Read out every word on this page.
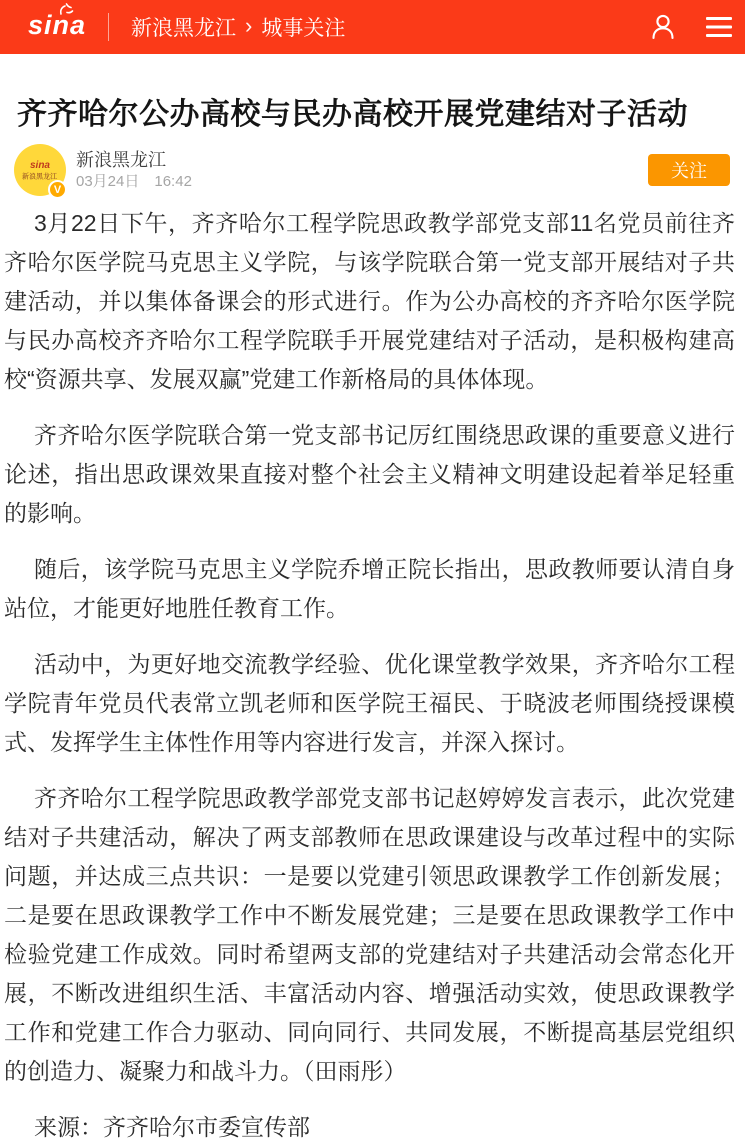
sina 新浪黑龙江 › 城事关注
齐齐哈尔公办高校与民办高校开展党建结对子活动
sina
新浪黑龙江
V
新浪黑龙江
03月24日 16:42
关注

3月22日下午，齐齐哈尔工程学院思政教学部党支部11名党员前往齐齐哈尔医学院马克思主义学院，与该学院联合第一党支部开展结对子共建活动，并以集体备课会的形式进行。作为公办高校的齐齐哈尔医学院与民办高校齐齐哈尔工程学院联手开展党建结对子活动，是积极构建高校“资源共享、发展双赢”党建工作新格局的具体体现。

齐齐哈尔医学院联合第一党支部书记厉红围绕思政课的重要意义进行论述，指出思政课效果直接对整个社会主义精神文明建设起着举足轻重的影响。

随后，该学院马克思主义学院乔增正院长指出，思政教师要认清自身站位，才能更好地胜任教育工作。

活动中，为更好地交流教学经验、优化课堂教学效果，齐齐哈尔工程学院青年党员代表常立凯老师和医学院王福民、于晓波老师围绕授课模式、发挥学生主体性作用等内容进行发言，并深入探讨。

齐齐哈尔工程学院思政教学部党支部书记赵婷婷发言表示，此次党建结对子共建活动，解决了两支部教师在思政课建设与改革过程中的实际问题，并达成三点共识：一是要以党建引领思政课教学工作创新发展；二是要在思政课教学工作中不断发展党建；三是要在思政课教学工作中检验党建工作成效。同时希望两支部的党建结对子共建活动会常态化开展，不断改进组织生活、丰富活动内容、增强活动实效，使思政课教学工作和党建工作合力驱动、同向同行、共同发展，不断提高基层党组织的创造力、凝聚力和战斗力。（田雨彤）

来源：齐齐哈尔市委宣传部
